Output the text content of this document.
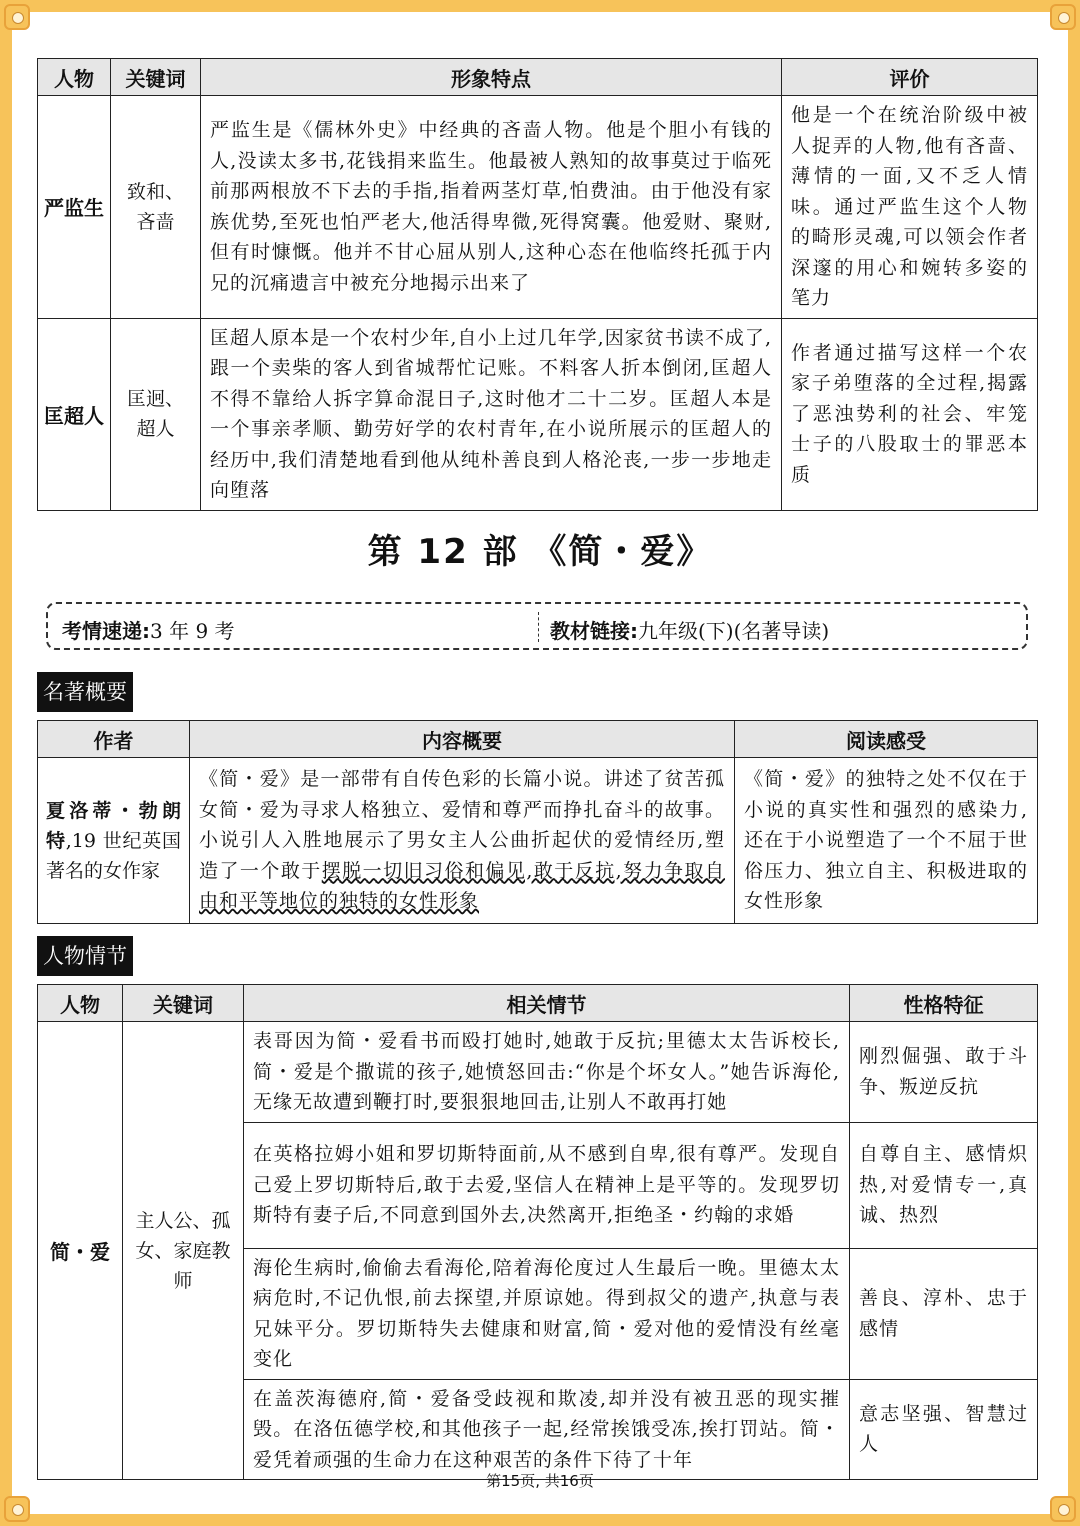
人物	关键词	形象特点	评价
严监生	致和、吝啬	严监生是《儒林外史》中经典的吝啬人物。他是个胆小有钱的人,没读太多书,花钱捐来监生。他最被人熟知的故事莫过于临死前那两根放不下去的手指,指着两茎灯草,怕费油。由于他没有家族优势,至死也怕严老大,他活得卑微,死得窝囊。他爱财、聚财,但有时慷慨。他并不甘心屈从别人,这种心态在他临终托孤于内兄的沉痛遗言中被充分地揭示出来了	他是一个在统治阶级中被人捉弄的人物,他有吝啬、薄情的一面,又不乏人情味。通过严监生这个人物的畸形灵魂,可以领会作者深邃的用心和婉转多姿的笔力
匡超人	匡迥、超人	匡超人原本是一个农村少年,自小上过几年学,因家贫书读不成了,跟一个卖柴的客人到省城帮忙记账。不料客人折本倒闭,匡超人不得不靠给人拆字算命混日子,这时他才二十二岁。匡超人本是一个事亲孝顺、勤劳好学的农村青年,在小说所展示的匡超人的经历中,我们清楚地看到他从纯朴善良到人格沦丧,一步一步地走向堕落	作者通过描写这样一个农家子弟堕落的全过程,揭露了恶浊势利的社会、牢笼士子的八股取士的罪恶本质
第 12 部 《简・爱》
考情速递:3 年 9 考	教材链接:九年级(下)(名著导读)
名著概要
作者	内容概要	阅读感受
夏洛蒂・勃朗特,19 世纪英国著名的女作家	《简・爱》是一部带有自传色彩的长篇小说。讲述了贫苦孤女简・爱为寻求人格独立、爱情和尊严而挣扎奋斗的故事。小说引人入胜地展示了男女主人公曲折起伏的爱情经历,塑造了一个敢于摆脱一切旧习俗和偏见,敢于反抗,努力争取自由和平等地位的独特的女性形象	《简・爱》的独特之处不仅在于小说的真实性和强烈的感染力,还在于小说塑造了一个不屈于世俗压力、独立自主、积极进取的女性形象
人物情节
人物	关键词	相关情节	性格特征
简・爱	主人公、孤女、家庭教师	表哥因为简・爱看书而殴打她时,她敢于反抗;里德太太告诉校长,简・爱是个撒谎的孩子,她愤怒回击:“你是个坏女人。”她告诉海伦,无缘无故遭到鞭打时,要狠狠地回击,让别人不敢再打她	刚烈倔强、敢于斗争、叛逆反抗
		在英格拉姆小姐和罗切斯特面前,从不感到自卑,很有尊严。发现自己爱上罗切斯特后,敢于去爱,坚信人在精神上是平等的。发现罗切斯特有妻子后,不同意到国外去,决然离开,拒绝圣・约翰的求婚	自尊自主、感情炽热,对爱情专一,真诚、热烈
		海伦生病时,偷偷去看海伦,陪着海伦度过人生最后一晚。里德太太病危时,不记仇恨,前去探望,并原谅她。得到叔父的遗产,执意与表兄妹平分。罗切斯特失去健康和财富,简・爱对他的爱情没有丝毫变化	善良、淳朴、忠于感情
		在盖茨海德府,简・爱备受歧视和欺凌,却并没有被丑恶的现实摧毁。在洛伍德学校,和其他孩子一起,经常挨饿受冻,挨打罚站。简・爱凭着顽强的生命力在这种艰苦的条件下待了十年	意志坚强、智慧过人
第15页, 共16页
